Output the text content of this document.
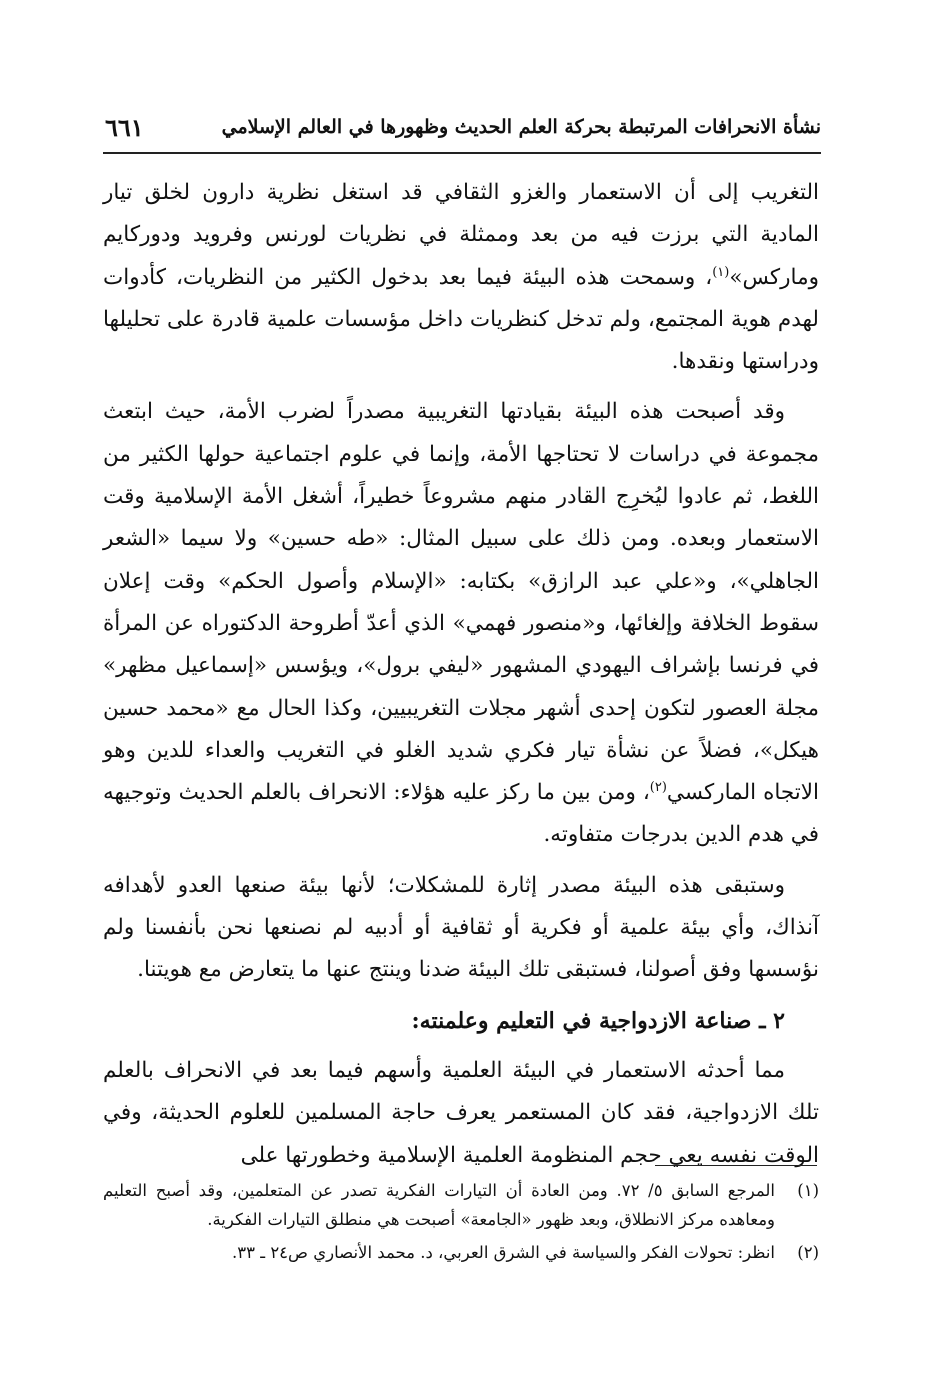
نشأة الانحرافات المرتبطة بحركة العلم الحديث وظهورها في العالم الإسلامي
٦٦١

التغريب إلى أن الاستعمار والغزو الثقافي قد استغل نظرية دارون لخلق تيار المادية التي برزت فيه من بعد وممثلة في نظريات لورنس وفرويد ودوركايم وماركس»$^{(١)}$، وسمحت هذه البيئة فيما بعد بدخول الكثير من النظريات، كأدوات لهدم هوية المجتمع، ولم تدخل كنظريات داخل مؤسسات علمية قادرة على تحليلها ودراستها ونقدها.

وقد أصبحت هذه البيئة بقيادتها التغريبية مصدراً لضرب الأمة، حيث ابتعث مجموعة في دراسات لا تحتاجها الأمة، وإنما في علوم اجتماعية حولها الكثير من اللغط، ثم عادوا ليُخرِج القادر منهم مشروعاً خطيراً، أشغل الأمة الإسلامية وقت الاستعمار وبعده. ومن ذلك على سبيل المثال: «طه حسين» ولا سيما «الشعر الجاهلي»، و«علي عبد الرازق» بكتابه: «الإسلام وأصول الحكم» وقت إعلان سقوط الخلافة وإلغائها، و«منصور فهمي» الذي أعدّ أطروحة الدكتوراه عن المرأة في فرنسا بإشراف اليهودي المشهور «ليفي برول»، ويؤسس «إسماعيل مظهر» مجلة العصور لتكون إحدى أشهر مجلات التغريبيين، وكذا الحال مع «محمد حسين هيكل»، فضلاً عن نشأة تيار فكري شديد الغلو في التغريب والعداء للدين وهو الاتجاه الماركسي$^{(٢)}$، ومن بين ما ركز عليه هؤلاء: الانحراف بالعلم الحديث وتوجيهه في هدم الدين بدرجات متفاوته.

وستبقى هذه البيئة مصدر إثارة للمشكلات؛ لأنها بيئة صنعها العدو لأهدافه آنذاك، وأي بيئة علمية أو فكرية أو ثقافية أو أدبيه لم نصنعها نحن بأنفسنا ولم نؤسسها وفق أصولنا، فستبقى تلك البيئة ضدنا وينتج عنها ما يتعارض مع هويتنا.

٢ ـ صناعة الازدواجية في التعليم وعلمنته:

مما أحدثه الاستعمار في البيئة العلمية وأسهم فيما بعد في الانحراف بالعلم تلك الازدواجية، فقد كان المستعمر يعرف حاجة المسلمين للعلوم الحديثة، وفي الوقت نفسه يعي حجم المنظومة العلمية الإسلامية وخطورتها على

(١)
المرجع السابق ٥/ ٧٢. ومن العادة أن التيارات الفكرية تصدر عن المتعلمين، وقد أصبح التعليم ومعاهده مركز الانطلاق، وبعد ظهور «الجامعة» أصبحت هي منطلق التيارات الفكرية.
(٢)
انظر: تحولات الفكر والسياسة في الشرق العربي، د. محمد الأنصاري ص٢٤ ـ ٣٣.
